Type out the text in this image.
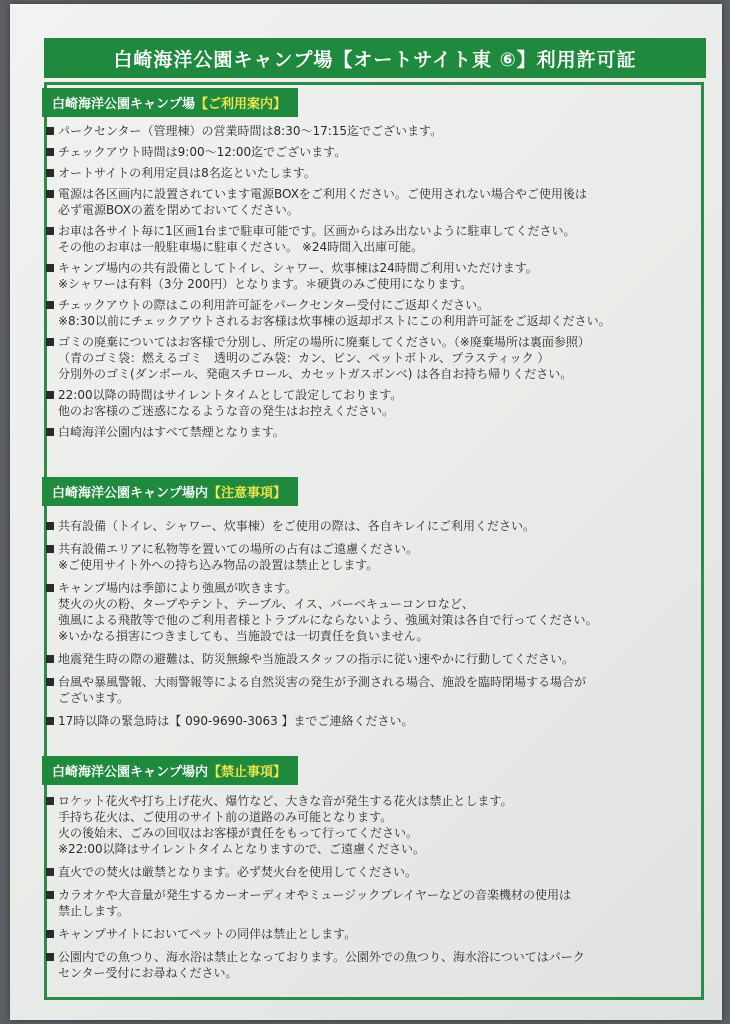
白崎海洋公園キャンプ場【オートサイト東 ⑥】利用許可証
白崎海洋公園キャンプ場【ご利用案内】
パークセンター（管理棟）の営業時間は8:30～17:15迄でございます。
チェックアウト時間は9:00～12:00迄でございます。
オートサイトの利用定員は8名迄といたします。
電源は各区画内に設置されています電源BOXをご利用ください。ご使用されない場合やご使用後は
必ず電源BOXの蓋を閉めておいてください。
お車は各サイト毎に1区画1台まで駐車可能です。区画からはみ出ないように駐車してください。
その他のお車は一般駐車場に駐車ください。 ※24時間入出庫可能。
キャンプ場内の共有設備としてトイレ、シャワー、炊事棟は24時間ご利用いただけます。
※シャワーは有料（3分 200円）となります。＊硬貨のみご使用になります。
チェックアウトの際はこの利用許可証をパークセンター受付にご返却ください。
※8:30以前にチェックアウトされるお客様は炊事棟の返却ポストにこの利用許可証をご返却ください。
ゴミの廃棄についてはお客様で分別し、所定の場所に廃棄してください。（※廃棄場所は裏面参照）
（青のゴミ袋：燃えるゴミ　透明のごみ袋：カン、ビン、ペットボトル、プラスティック ）
分別外のゴミ(ダンボール、発砲スチロール、カセットガスボンベ) は各自お持ち帰りください。
22:00以降の時間はサイレントタイムとして設定しております。
他のお客様のご迷惑になるような音の発生はお控えください。
白崎海洋公園内はすべて禁煙となります。
白崎海洋公園キャンプ場内【注意事項】
共有設備（トイレ、シャワー、炊事棟）をご使用の際は、各自キレイにご利用ください。
共有設備エリアに私物等を置いての場所の占有はご遠慮ください。
※ご使用サイト外への持ち込み物品の設置は禁止とします。
キャンプ場内は季節により強風が吹きます。
焚火の火の粉、タープやテント、テーブル、イス、バーベキューコンロなど、
強風による飛散等で他のご利用者様とトラブルにならないよう、強風対策は各自で行ってください。
※いかなる損害につきましても、当施設では一切責任を負いません。
地震発生時の際の避難は、防災無線や当施設スタッフの指示に従い速やかに行動してください。
台風や暴風警報、大雨警報等による自然災害の発生が予測される場合、施設を臨時閉場する場合が
ございます。
17時以降の緊急時は【 090-9690-3063 】までご連絡ください。
白崎海洋公園キャンプ場内【禁止事項】
ロケット花火や打ち上げ花火、爆竹など、大きな音が発生する花火は禁止とします。
手持ち花火は、ご使用のサイト前の道路のみ可能となります。
火の後始末、ごみの回収はお客様が責任をもって行ってください。
※22:00以降はサイレントタイムとなりますので、ご遠慮ください。
直火での焚火は厳禁となります。必ず焚火台を使用してください。
カラオケや大音量が発生するカーオーディオやミュージックプレイヤーなどの音楽機材の使用は
禁止します。
キャンプサイトにおいてペットの同伴は禁止とします。
公園内での魚つり、海水浴は禁止となっております。公園外での魚つり、海水浴についてはパーク
センター受付にお尋ねください。
